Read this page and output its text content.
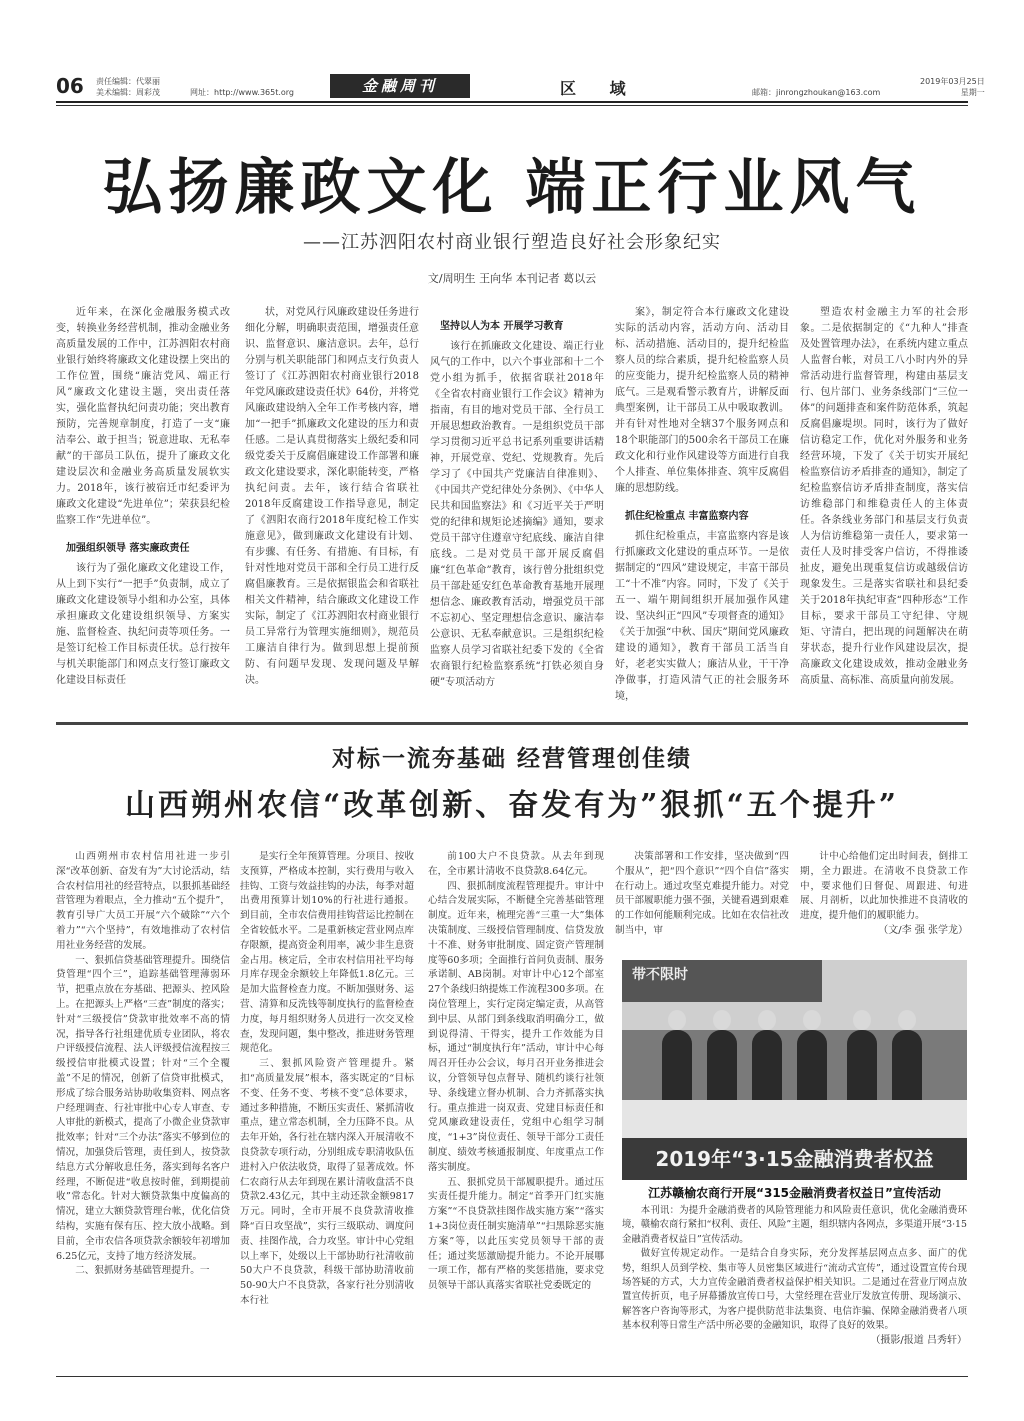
06 责任编辑：代翠丽
美术编辑：周彩茂	网址：http://www.365t.org	金融周刊	区 域	邮箱：jinrongzhoukan@163.com
2019年03月25日
星期一
弘扬廉政文化 端正行业风气
——江苏泗阳农村商业银行塑造良好社会形象纪实
文/周明生 王向华 本刊记者 葛以云

近年来，在深化金融服务模式改变，转换业务经营机制，推动金融业务高质量发展的工作中，江苏泗阳农村商业银行始终将廉政文化建设摆上突出的工作位置，围绕“廉洁党风、端正行风”廉政文化建设主题，突出责任落实，强化监督执纪问责功能；突出教育预防，完善规章制度，打造了一支“廉洁奉公、敢于担当；锐意进取、无私奉献”的干部员工队伍，提升了廉政文化建设层次和金融业务高质量发展软实力。2018年，该行被宿迁市纪委评为廉政文化建设“先进单位”；荣获县纪检监察工作“先进单位”。

加强组织领导 落实廉政责任

该行为了强化廉政文化建设工作，从上到下实行“一把手”负责制，成立了廉政文化建设领导小组和办公室，具体承担廉政文化建设组织领导、方案实施、监督检查、执纪问责等项任务。一是签订纪检工作目标责任状。总行按年与机关职能部门和网点支行签订廉政文化建设目标责任

状，对党风行风廉政建设任务进行细化分解，明确职责范围，增强责任意识、监督意识、廉洁意识。去年，总行分别与机关职能部门和网点支行负责人签订了《江苏泗阳农村商业银行2018年党风廉政建设责任状》64份，并将党风廉政建设纳入全年工作考核内容，增加“一把手”抓廉政文化建设的压力和责任感。二是认真贯彻落实上级纪委和同级党委关于反腐倡廉建设工作部署和廉政文化建设要求，深化职能转变，严格执纪问责。去年，该行结合省联社2018年反腐建设工作指导意见，制定了《泗阳农商行2018年度纪检工作实施意见》，做到廉政文化建设有计划、有步骤、有任务、有措施、有目标，有针对性地对党员干部和全行员工进行反腐倡廉教育。三是依据银监会和省联社相关文件精神，结合廉政文化建设工作实际，制定了《江苏泗阳农村商业银行员工异常行为管理实施细则》，规范员工廉洁自律行为。做到思想上提前预防、有问题早发现、发现问题及早解决。

坚持以人为本 开展学习教育

该行在抓廉政文化建设、端正行业风气的工作中，以六个事业部和十二个党小组为抓手，依据省联社2018年《全省农村商业银行工作会议》精神为指南，有目的地对党员干部、全行员工开展思想政治教育。一是组织党员干部学习贯彻习近平总书记系列重要讲话精神，开展党章、党纪、党规教育。先后学习了《中国共产党廉洁自律准则》、《中国共产党纪律处分条例》、《中华人民共和国监察法》和《习近平关于严明党的纪律和规矩论述摘编》通知，要求党员干部守住遵章守纪底线、廉洁自律底线。二是对党员干部开展反腐倡廉“红色革命”教育，该行曾分批组织党员干部赴延安红色革命教育基地开展理想信念、廉政教育活动，增强党员干部不忘初心、坚定理想信念意识、廉洁奉公意识、无私奉献意识。三是组织纪检监察人员学习省联社纪委下发的《全省农商银行纪检监察系统“打铁必须自身硬”专项活动方

案》，制定符合本行廉政文化建设实际的活动内容，活动方向、活动目标、活动措施、活动目的，提升纪检监察人员的综合素质，提升纪检监察人员的应变能力，提升纪检监察人员的精神底气。三是观看警示教育片，讲解反面典型案例，让干部员工从中吸取教训。并有针对性地对全辖37个服务网点和18个职能部门的500余名干部员工在廉政文化和行业作风建设等方面进行自我个人排查、单位集体排查、筑牢反腐倡廉的思想防线。

抓住纪检重点 丰富监察内容

抓住纪检重点，丰富监察内容是该行抓廉政文化建设的重点环节。一是依据制定的“四风”建设规定，丰富干部员工“十不准”内容。同时，下发了《关于五一、端午期间组织开展加强作风建设、坚决纠正“四风”专项督查的通知》《关于加强“中秋、国庆”期间党风廉政建设的通知》，教育干部员工活当自好，老老实实做人；廉洁从业，干干净净做事，打造风清气正的社会服务环境，

塑造农村金融主力军的社会形象。二是依据制定的《“九种人”排查及处置管理办法》，在系统内建立重点人监督台帐，对员工八小时内外的异常活动进行监督管理，构建由基层支行、包片部门、业务条线部门“三位一体”的问题排查和案件防范体系，筑起反腐倡廉堤坝。同时，该行为了做好信访稳定工作，优化对外服务和业务经营环境，下发了《关于切实开展纪检监察信访矛盾排查的通知》，制定了纪检监察信访矛盾排查制度，落实信访维稳部门和维稳责任人的主体责任。各条线业务部门和基层支行负责人为信访维稳第一责任人，要求第一责任人及时排受客户信访，不得推诿扯皮，避免出现重复信访或越级信访现象发生。三是落实省联社和县纪委关于2018年执纪审查“四种形态”工作目标，要求干部员工守纪律、守规矩、守清白，把出现的问题解决在萌芽状态，提升行业作风建设层次，提高廉政文化建设成效，推动金融业务高质量、高标准、高质量向前发展。

对标一流夯基础 经营管理创佳绩
山西朔州农信“改革创新、奋发有为”狠抓“五个提升”

山西朔州市农村信用社进一步引深“改革创新、奋发有为”大讨论活动，结合农村信用社的经营特点，以狠抓基础经营管理为着眼点，全力推动“五个提升”，教育引导广大员工开展“六个破除”“六个着力”“六个坚持”，有效地推动了农村信用社业务经营的发展。

一、狠抓信贷基础管理提升。围绕信贷管理“四个三”，追踪基础管理薄弱环节，把重点放在夯基础、把源头、控风险上。在把源头上严格“三查”制度的落实；针对“三级授信”贷款审批效率不高的情况，指导各行社组建优质专业团队，将农户评级授信流程、法人评级授信流程按三级授信审批模式设置；针对“三个全覆盖”不足的情况，创新了信贷审批模式，形成了综合服务站协助收集资料、网点客户经理调查、行社审批中心专人审查、专人审批的新模式，提高了小微企业贷款审批效率；针对“三个办法”落实不够到位的情况，加强贷后管理，责任到人，按贷款结息方式分解收息任务，落实到每名客户经理，不断促进“收息按时催，到期提前收”常态化。针对大额贷款集中度偏高的情况，建立大额贷款管理台帐，优化信贷结构，实施有保有压、控大放小战略。到目前，全市农信各项贷款余额较年初增加6.25亿元，支持了地方经济发展。

二、狠抓财务基础管理提升。一

是实行全年预算管理。分项目、按收支预算，严格成本控制，实行费用与收入挂钩、工资与效益挂钩的办法，每季对超出费用预算计划10%的行社进行通报。到目前，全市农信费用挂钩营运比控制在全省较低水平。二是重新核定营业网点库存限额，提高资金利用率，减少非生息资金占用。核定后，全市农村信用社平均每月库存现金余额较上年降低1.8亿元。三是加大监督检查力度。不断加强财务、运营、清算和反洗钱等制度执行的监督检查力度，每月组织财务人员进行一次交叉检查，发现问题，集中整改，推进财务管理规范化。

三、狠抓风险资产管理提升。紧扣“高质量发展”根本，落实既定的“目标不变、任务不变、考核不变”总体要求，通过多种措施，不断压实责任、紧抓清收重点，建立常态机制，全力压降不良。从去年开始，各行社在辖内深入开展清收不良贷款专项行动，分别组成专职清收队伍进村入户依法收贷，取得了显著成效。怀仁农商行从去年到现在累计清收盘活不良贷款2.43亿元，其中主动还款金额9817万元。同时，全市开展不良贷款清收推降“百日攻坚战”，实行三级联动、调度问责、挂图作战，合力攻坚。审计中心党组以上率下，处级以上干部协助行社清收前50大户不良贷款，科级干部协助清收前50-90大户不良贷款，各家行社分别清收本行社

前100大户不良贷款。从去年到现在，全市累计清收不良贷款8.64亿元。

四、狠抓制度流程管理提升。审计中心结合发展实际，不断健全完善基础管理制度。近年来，梳理完善“三重一大”集体决策制度、三级授信管理制度、信贷发放十不准、财务审批制度、固定资产管理制度等60多项；全面推行首问负责制、服务承诺制、AB岗制。对审计中心12个部室27个条线归纳提炼工作流程300多项。在岗位管理上，实行定岗定编定责，从高管到中层、从部门到条线取消明确分工，做到说得清、干得实，提升工作效能为目标，通过“制度执行年”活动，审计中心每周召开任办公会议，每月召开业务推进会议，分管领导包点督导、随机约谈行社领导、条线建立督办机制、合力齐抓落实执行。重点推进一岗双责、党建目标责任和党风廉政建设责任，党组中心组学习制度，“1+3”岗位责任、领导干部分工责任制度、绩效考核通报制度、年度重点工作落实制度。

五、狠抓党员干部履职提升。通过压实责任提升能力。制定“首季开门红实施方案”“不良贷款挂图作战实施方案”“落实1+3岗位责任制实施清单”“扫黑除恶实施方案”等，以此压实党员领导干部的责任；通过奖惩激励提升能力。不论开展哪一项工作，都有严格的奖惩措施，要求党员领导干部认真落实省联社党委既定的

决策部署和工作安排，坚决做到“四个服从”，把“四个意识”“四个自信”落实在行动上。通过攻坚克难提升能力。对党员干部履职能力强不强，关键看遇到艰难的工作如何能顺利完成。比如在农信社改制当中，审

计中心给他们定出时间表，倒排工期，全力跟进。在清收不良贷款工作中，要求他们日督促、周跟进、旬进展、月剖析，以此加快推进不良清收的进度，提升他们的履职能力。

（文/李 强 张学龙）
带不限时
2019年“3·15金融消费者权益
江苏赣榆农商行开展“315金融消费者权益日”宣传活动

本刊讯：为提升金融消费者的风险管理能力和风险责任意识，优化金融消费环境，赣榆农商行紧扣“权利、责任、风险”主题，组织辖内各网点，多渠道开展“3·15金融消费者权益日”宣传活动。

做好宣传规定动作。一是结合自身实际，充分发挥基层网点点多、面广的优势，组织人员到学校、集市等人员密集区域进行“流动式宣传”，通过设置宣传台现场答疑的方式，大力宣传金融消费者权益保护相关知识。二是通过在营业厅网点放置宣传折页，电子屏幕播放宣传口号，大堂经理在营业厅发放宣传册、现场演示、解答客户咨询等形式，为客户提供防范非法集资、电信诈骗、保障金融消费者八项基本权利等日常生产活中所必要的金融知识，取得了良好的效果。

（摄影/报道 吕秀轩）
